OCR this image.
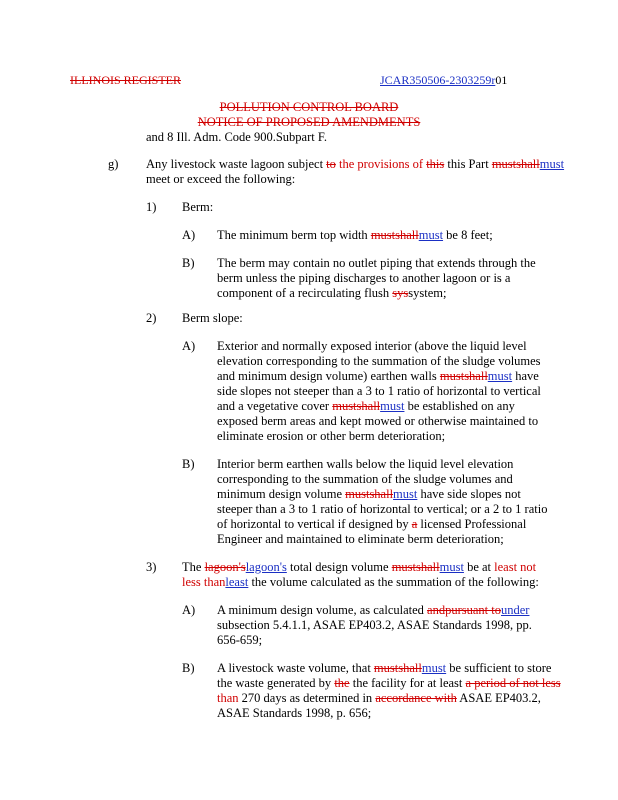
ILLINOIS REGISTER	JCAR350506-2303259r01
POLLUTION CONTROL BOARD
NOTICE OF PROPOSED AMENDMENTS
and 8 Ill. Adm. Code 900.Subpart F.
g) Any livestock waste lagoon subject to the provisions of this this Part mustshallmust
meet or exceed the following:
1) Berm:
A) The minimum berm top width mustshallmust be 8 feet;
B) The berm may contain no outlet piping that extends through the
berm unless the piping discharges to another lagoon or is a
component of a recirculating flush syssystem;
2) Berm slope:
A) Exterior and normally exposed interior (above the liquid level
elevation corresponding to the summation of the sludge volumes
and minimum design volume) earthen walls mustshallmust have
side slopes not steeper than a 3 to 1 ratio of horizontal to vertical
and a vegetative cover mustshallmust be established on any
exposed berm areas and kept mowed or otherwise maintained to
eliminate erosion or other berm deterioration;
B) Interior berm earthen walls below the liquid level elevation
corresponding to the summation of the sludge volumes and
minimum design volume mustshallmust have side slopes not
steeper than a 3 to 1 ratio of horizontal to vertical; or a 2 to 1 ratio
of horizontal to vertical if designed by a licensed Professional
Engineer and maintained to eliminate berm deterioration;
3) The lagoon'slagoon's total design volume mustshallmust be at least not
less thanleast the volume calculated as the summation of the following:
A) A minimum design volume, as calculated andpursuant tounder
subsection 5.4.1.1, ASAE EP403.2, ASAE Standards 1998, pp.
656-659;
B) A livestock waste volume, that mustshallmust be sufficient to store
the waste generated by the the facility for at least a period of not less
than 270 days as determined in accordance with ASAE EP403.2,
ASAE Standards 1998, p. 656;
